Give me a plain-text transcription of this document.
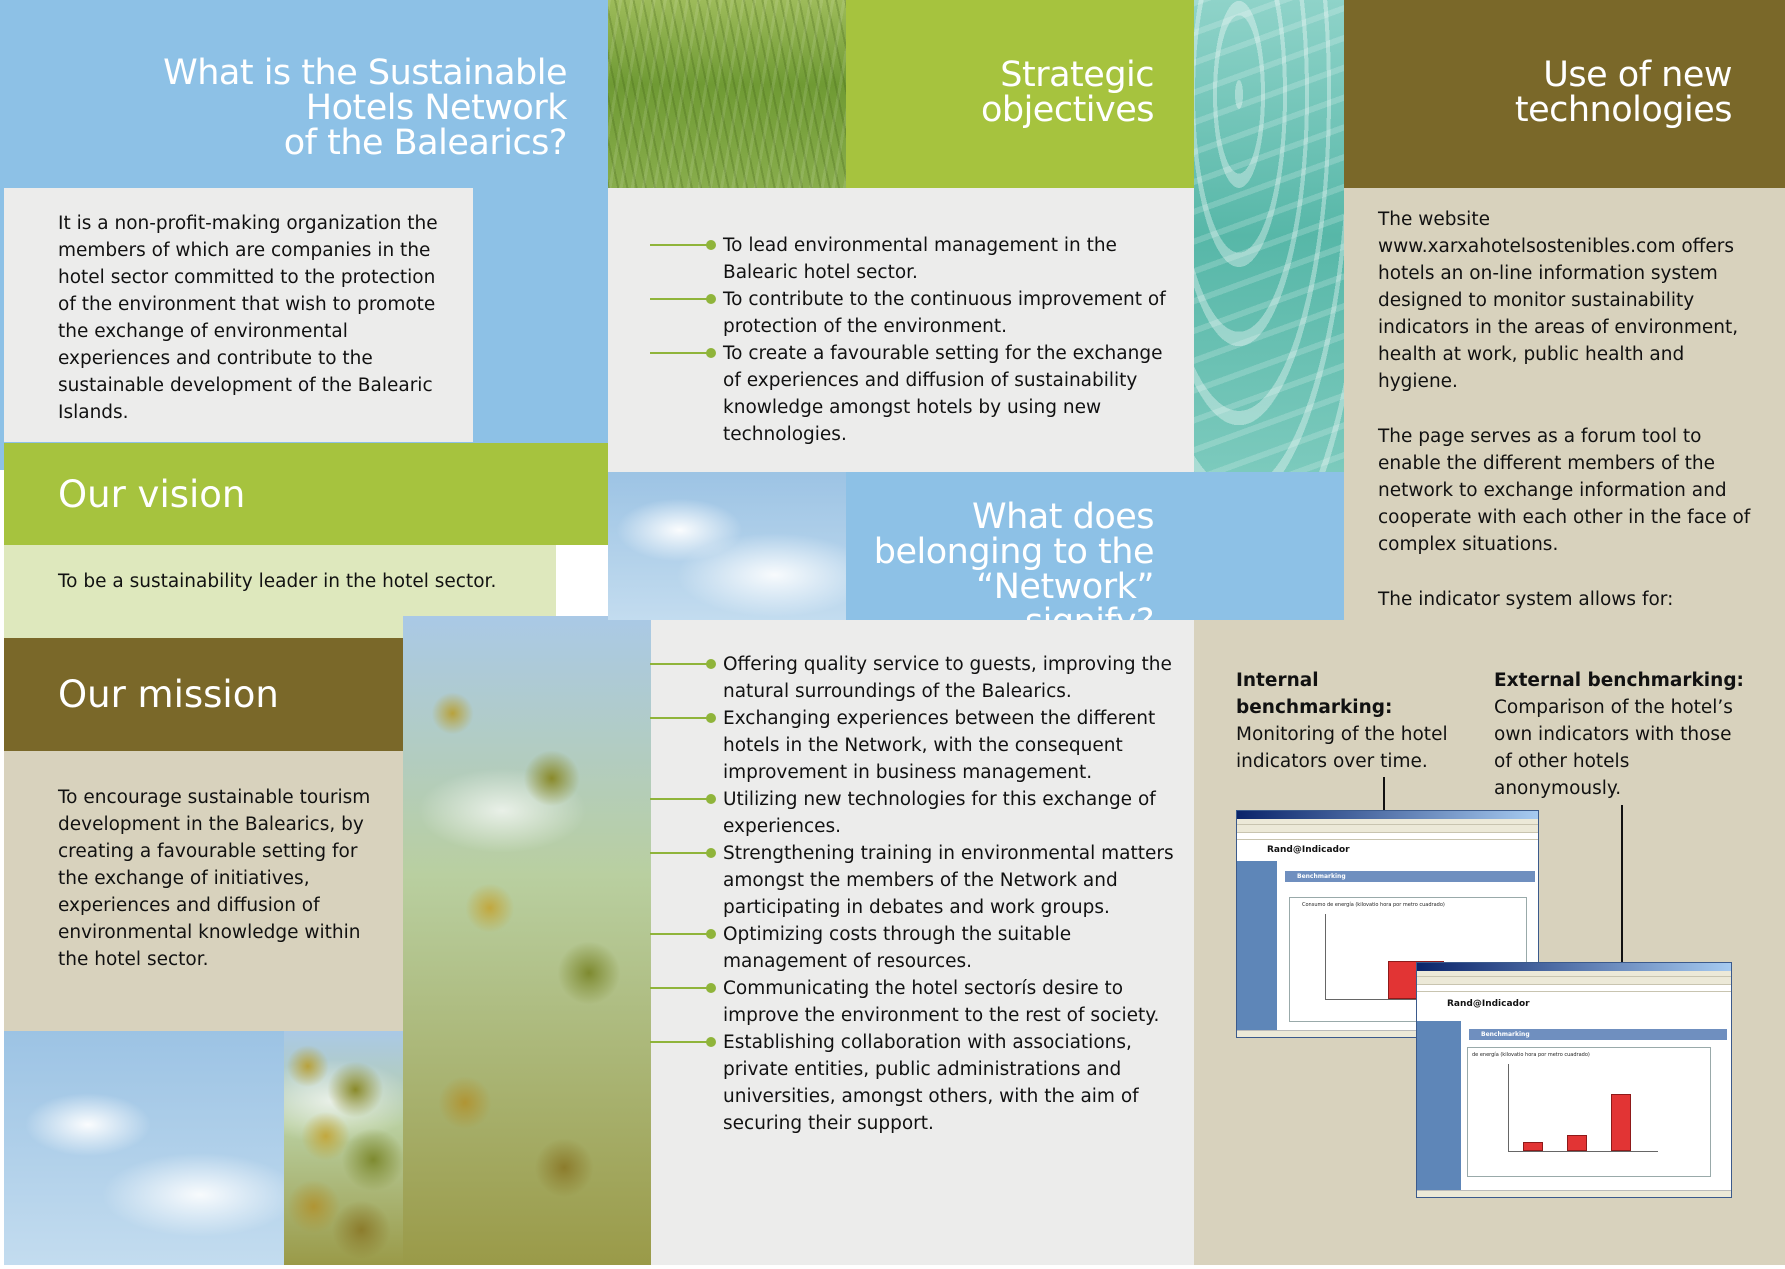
What is the Sustainable
Hotels Network
of the Balearics?
It is a non-profit-making organization the members of which are companies in the hotel sector committed to the protection of the environment that wish to promote the exchange of environmental experiences and contribute to the sustainable development of the Balearic Islands.
Our vision
To be a sustainability leader in the hotel sector.
Our mission
To encourage sustainable tourism development in the Balearics, by creating a favourable setting for the exchange of initiatives, experiences and diffusion of environmental knowledge within the hotel sector.
Strategic
objectives
To lead environmental management in the Balearic hotel sector.
To contribute to the continuous improvement of protection of the environment.
To create a favourable setting for the exchange of experiences and diffusion of sustainability knowledge amongst hotels by using new technologies.
What does
belonging to the
“Network”
Offering quality service to guests, improving the natural surroundings of the Balearics.
Exchanging experiences between the different hotels in the Network, with the consequent improvement in business management.
Utilizing new technologies for this exchange of experiences.
Strengthening training in environmental matters amongst the members of the Network and participating in debates and work groups.
Optimizing costs through the suitable management of resources.
Communicating the hotel sectorís desire to improve the environment to the rest of society.
Establishing collaboration with associations, private entities, public administrations and universities, amongst others, with the aim of securing their support.
Use of new
technologies
The website www.xarxahotelsostenibles.com offers hotels an on-line information system designed to monitor sustainability indicators in the areas of environment, health at work, public health and hygiene.
The page serves as a forum tool to enable the different members of the network to exchange information and cooperate with each other in the face of complex situations.
The indicator system allows for:
Internal benchmarking:
Monitoring of the hotel indicators over time.
External benchmarking:
Comparison of the hotel’s own indicators with those of other hotels anonymously.
Rand@Indicador
Benchmarking
Consumo de energía (kilovatio hora por metro cuadrado)
Rand@Indicador
Benchmarking
de energía (kilovatio hora por metro cuadrado)
